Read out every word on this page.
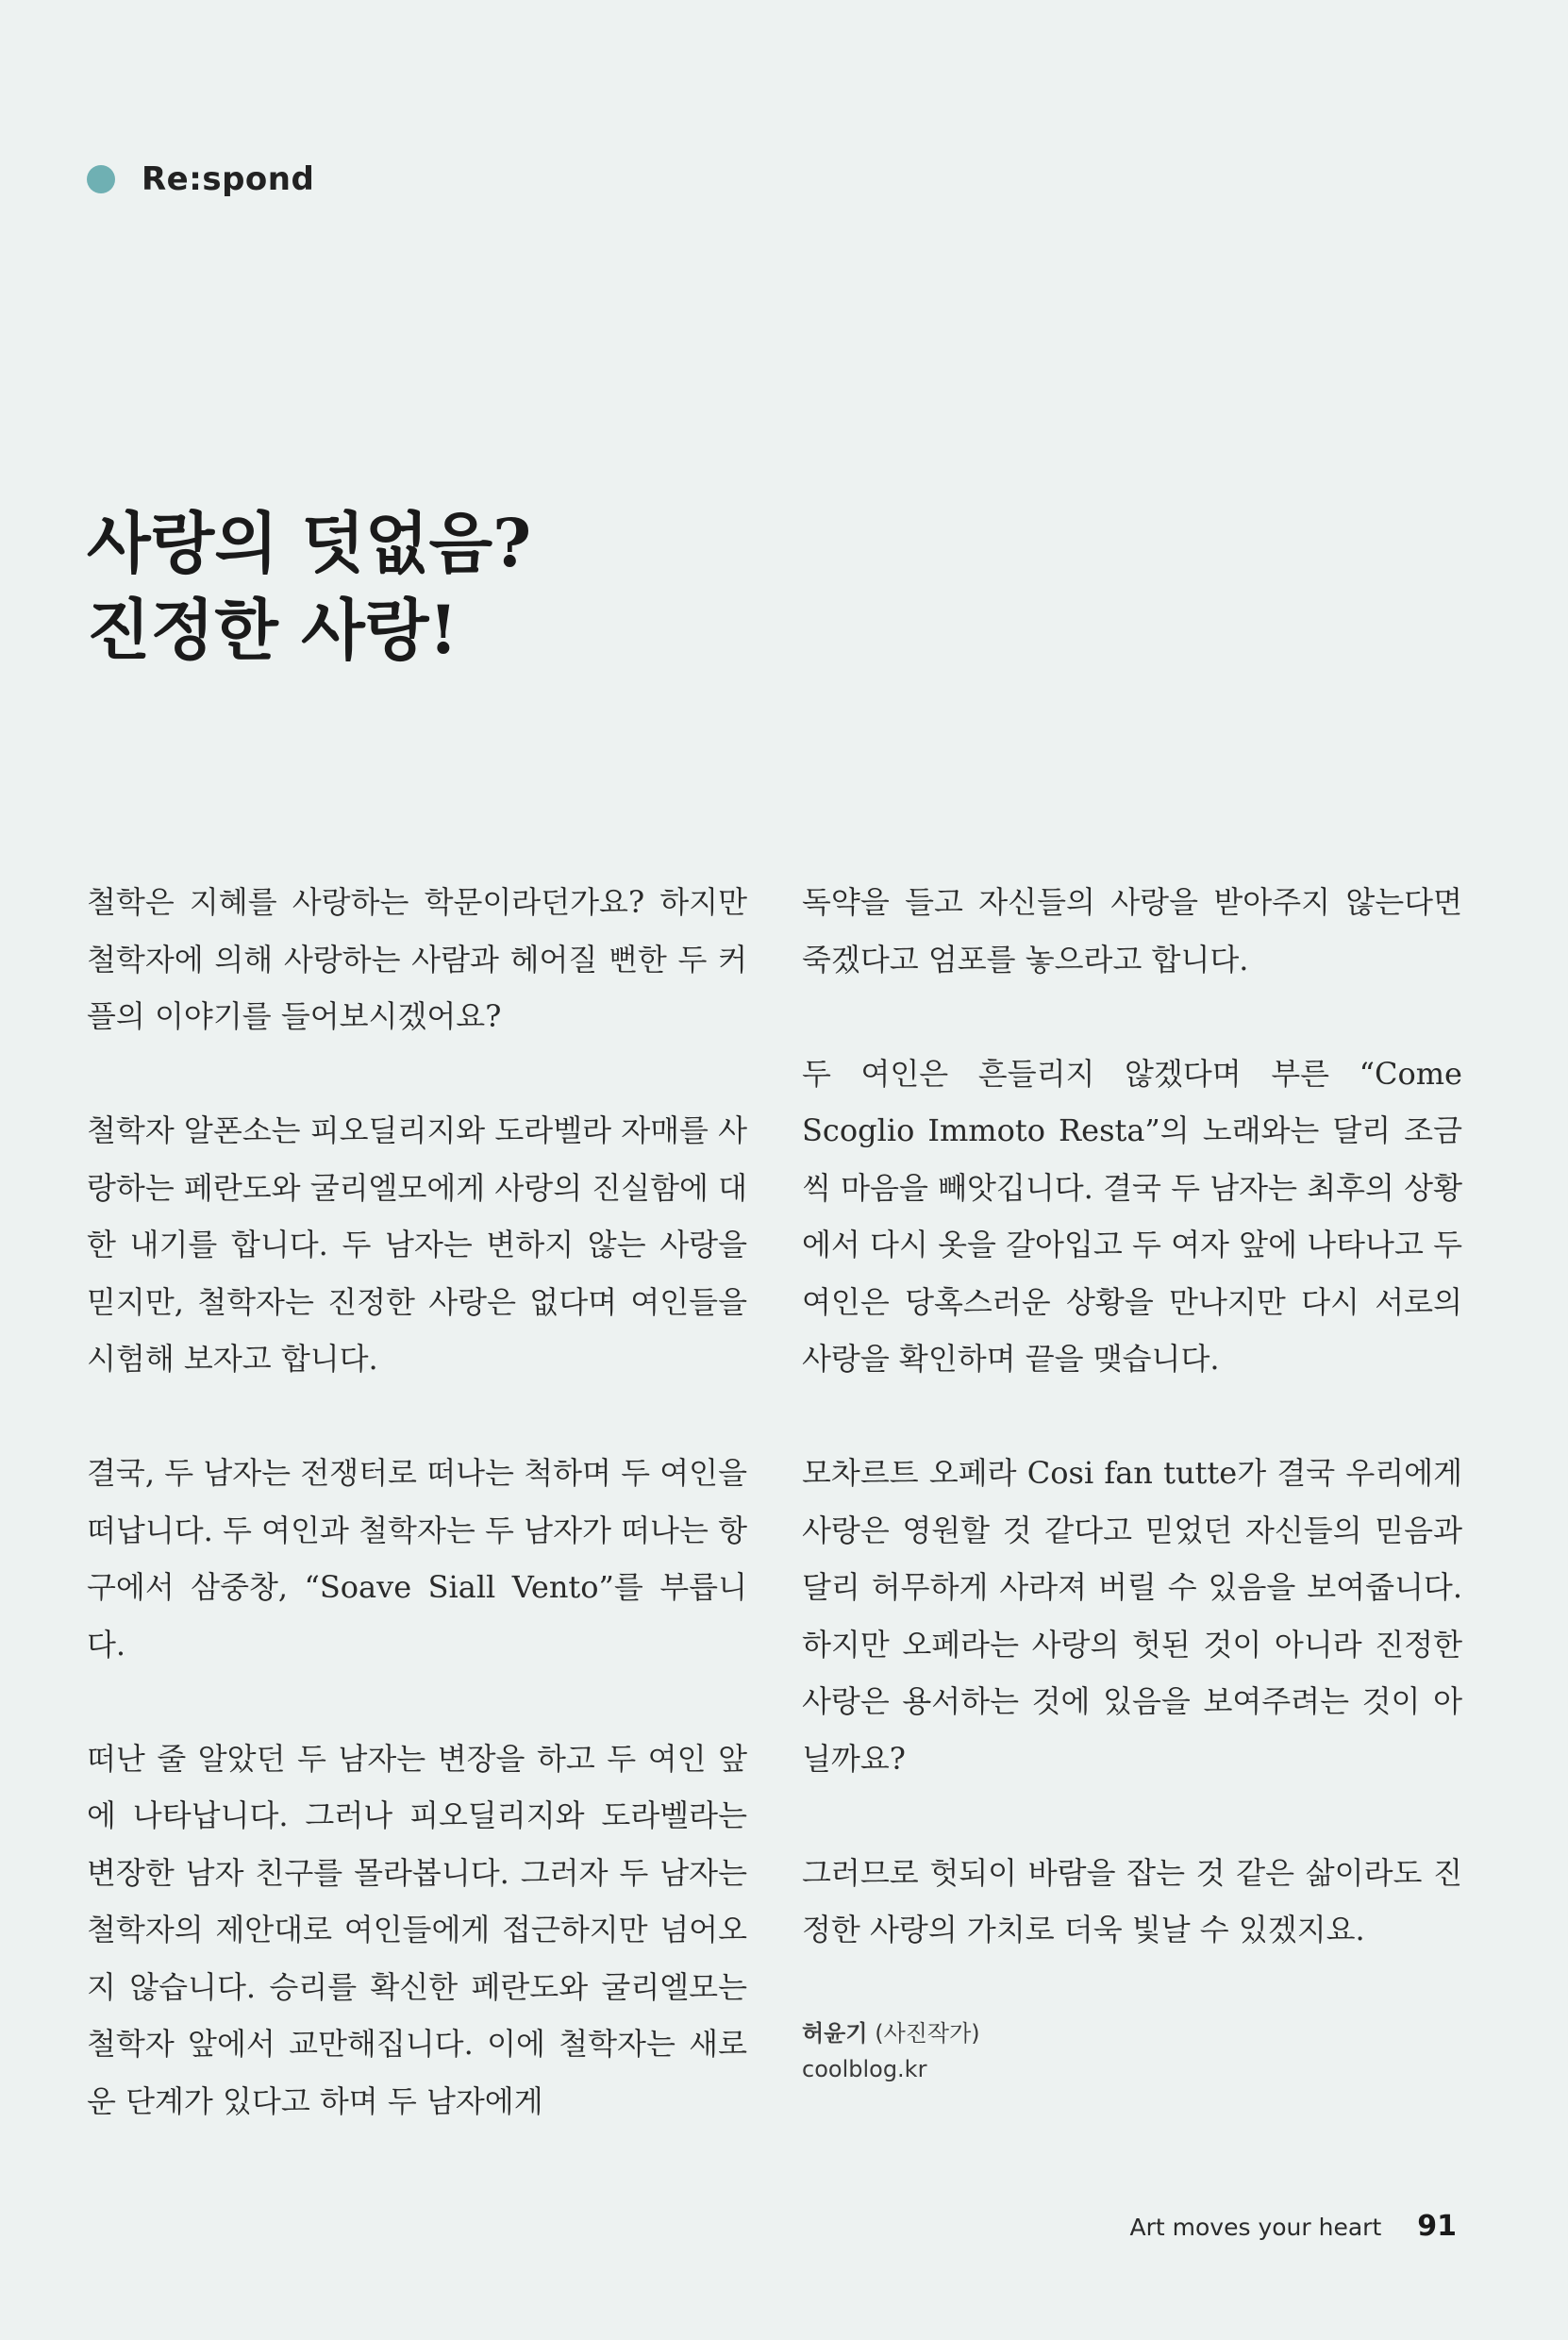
Re:spond
사랑의 덧없음?
진정한 사랑!

철학은 지혜를 사랑하는 학문이라던가요? 하지만 철학자에 의해 사랑하는 사람과 헤어질 뻔한 두 커플의 이야기를 들어보시겠어요?

철학자 알폰소는 피오딜리지와 도라벨라 자매를 사랑하는 페란도와 굴리엘모에게 사랑의 진실함에 대한 내기를 합니다. 두 남자는 변하지 않는 사랑을 믿지만, 철학자는 진정한 사랑은 없다며 여인들을 시험해 보자고 합니다.

결국, 두 남자는 전쟁터로 떠나는 척하며 두 여인을 떠납니다. 두 여인과 철학자는 두 남자가 떠나는 항구에서 삼중창, “Soave Siall Vento”를 부릅니다.

떠난 줄 알았던 두 남자는 변장을 하고 두 여인 앞에 나타납니다. 그러나 피오딜리지와 도라벨라는 변장한 남자 친구를 몰라봅니다. 그러자 두 남자는 철학자의 제안대로 여인들에게 접근하지만 넘어오지 않습니다. 승리를 확신한 페란도와 굴리엘모는 철학자 앞에서 교만해집니다. 이에 철학자는 새로운 단계가 있다고 하며 두 남자에게

독약을 들고 자신들의 사랑을 받아주지 않는다면 죽겠다고 엄포를 놓으라고 합니다.

두 여인은 흔들리지 않겠다며 부른 “Come Scoglio Immoto Resta”의 노래와는 달리 조금씩 마음을 빼앗깁니다. 결국 두 남자는 최후의 상황에서 다시 옷을 갈아입고 두 여자 앞에 나타나고 두 여인은 당혹스러운 상황을 만나지만 다시 서로의 사랑을 확인하며 끝을 맺습니다.

모차르트 오페라 Cosi fan tutte가 결국 우리에게 사랑은 영원할 것 같다고 믿었던 자신들의 믿음과 달리 허무하게 사라져 버릴 수 있음을 보여줍니다. 하지만 오페라는 사랑의 헛된 것이 아니라 진정한 사랑은 용서하는 것에 있음을 보여주려는 것이 아닐까요?

그러므로 헛되이 바람을 잡는 것 같은 삶이라도 진정한 사랑의 가치로 더욱 빛날 수 있겠지요.

허윤기 (사진작가)
coolblog.kr
Art moves your heart 91
